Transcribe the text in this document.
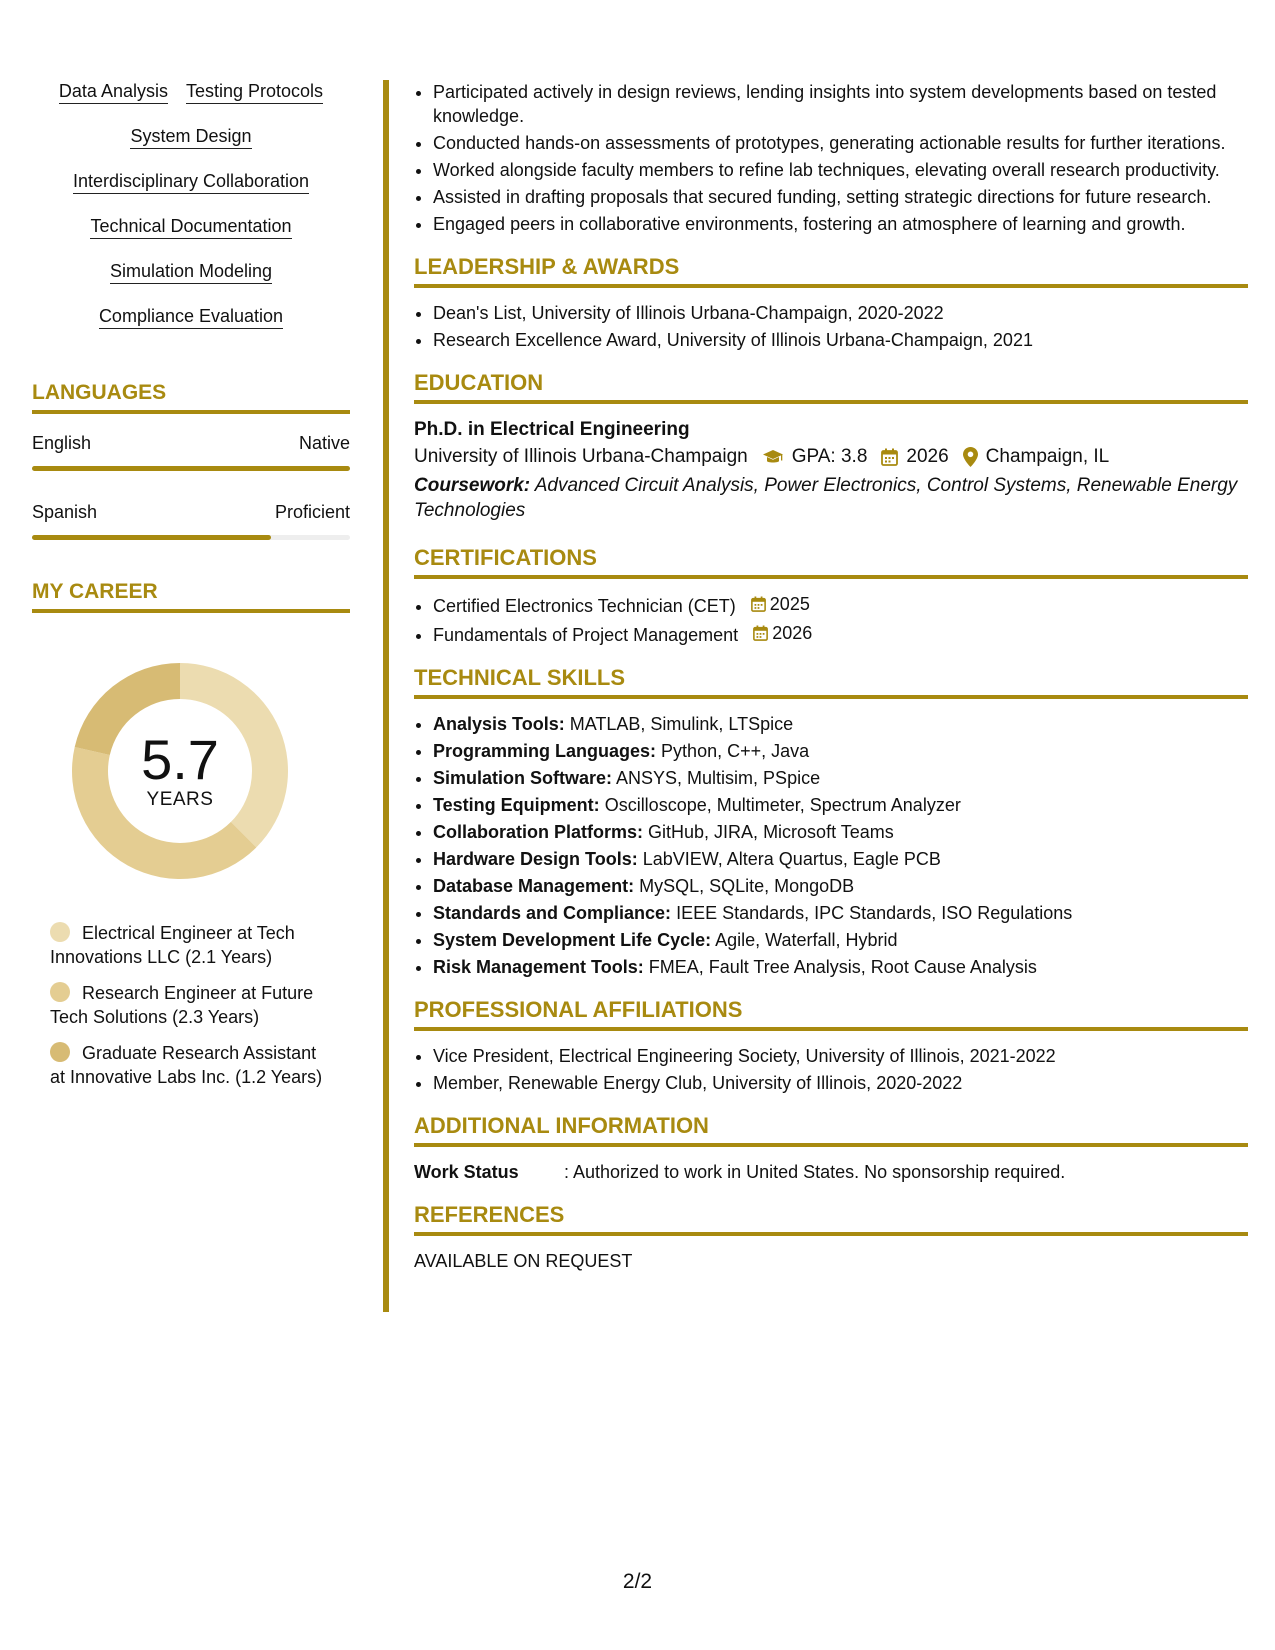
Data Analysis Testing Protocols
System Design
Interdisciplinary Collaboration
Technical Documentation
Simulation Modeling
Compliance Evaluation
LANGUAGES
English	Native
Spanish	Proficient
MY CAREER
5.7
YEARS
Electrical Engineer at Tech Innovations LLC (2.1 Years)
Research Engineer at Future Tech Solutions (2.3 Years)
Graduate Research Assistant at Innovative Labs Inc. (1.2 Years)
• Participated actively in design reviews, lending insights into system developments based on tested knowledge.
• Conducted hands-on assessments of prototypes, generating actionable results for further iterations.
• Worked alongside faculty members to refine lab techniques, elevating overall research productivity.
• Assisted in drafting proposals that secured funding, setting strategic directions for future research.
• Engaged peers in collaborative environments, fostering an atmosphere of learning and growth.
LEADERSHIP & AWARDS
• Dean's List, University of Illinois Urbana-Champaign, 2020-2022
• Research Excellence Award, University of Illinois Urbana-Champaign, 2021
EDUCATION
Ph.D. in Electrical Engineering
University of Illinois Urbana-Champaign GPA: 3.8 2026 Champaign, IL
Coursework: Advanced Circuit Analysis, Power Electronics, Control Systems, Renewable Energy Technologies
CERTIFICATIONS
• Certified Electronics Technician (CET) 2025
• Fundamentals of Project Management 2026
TECHNICAL SKILLS
• Analysis Tools: MATLAB, Simulink, LTSpice
• Programming Languages: Python, C++, Java
• Simulation Software: ANSYS, Multisim, PSpice
• Testing Equipment: Oscilloscope, Multimeter, Spectrum Analyzer
• Collaboration Platforms: GitHub, JIRA, Microsoft Teams
• Hardware Design Tools: LabVIEW, Altera Quartus, Eagle PCB
• Database Management: MySQL, SQLite, MongoDB
• Standards and Compliance: IEEE Standards, IPC Standards, ISO Regulations
• System Development Life Cycle: Agile, Waterfall, Hybrid
• Risk Management Tools: FMEA, Fault Tree Analysis, Root Cause Analysis
PROFESSIONAL AFFILIATIONS
• Vice President, Electrical Engineering Society, University of Illinois, 2021-2022
• Member, Renewable Energy Club, University of Illinois, 2020-2022
ADDITIONAL INFORMATION
Work Status	: Authorized to work in United States. No sponsorship required.
REFERENCES
AVAILABLE ON REQUEST
2/2
